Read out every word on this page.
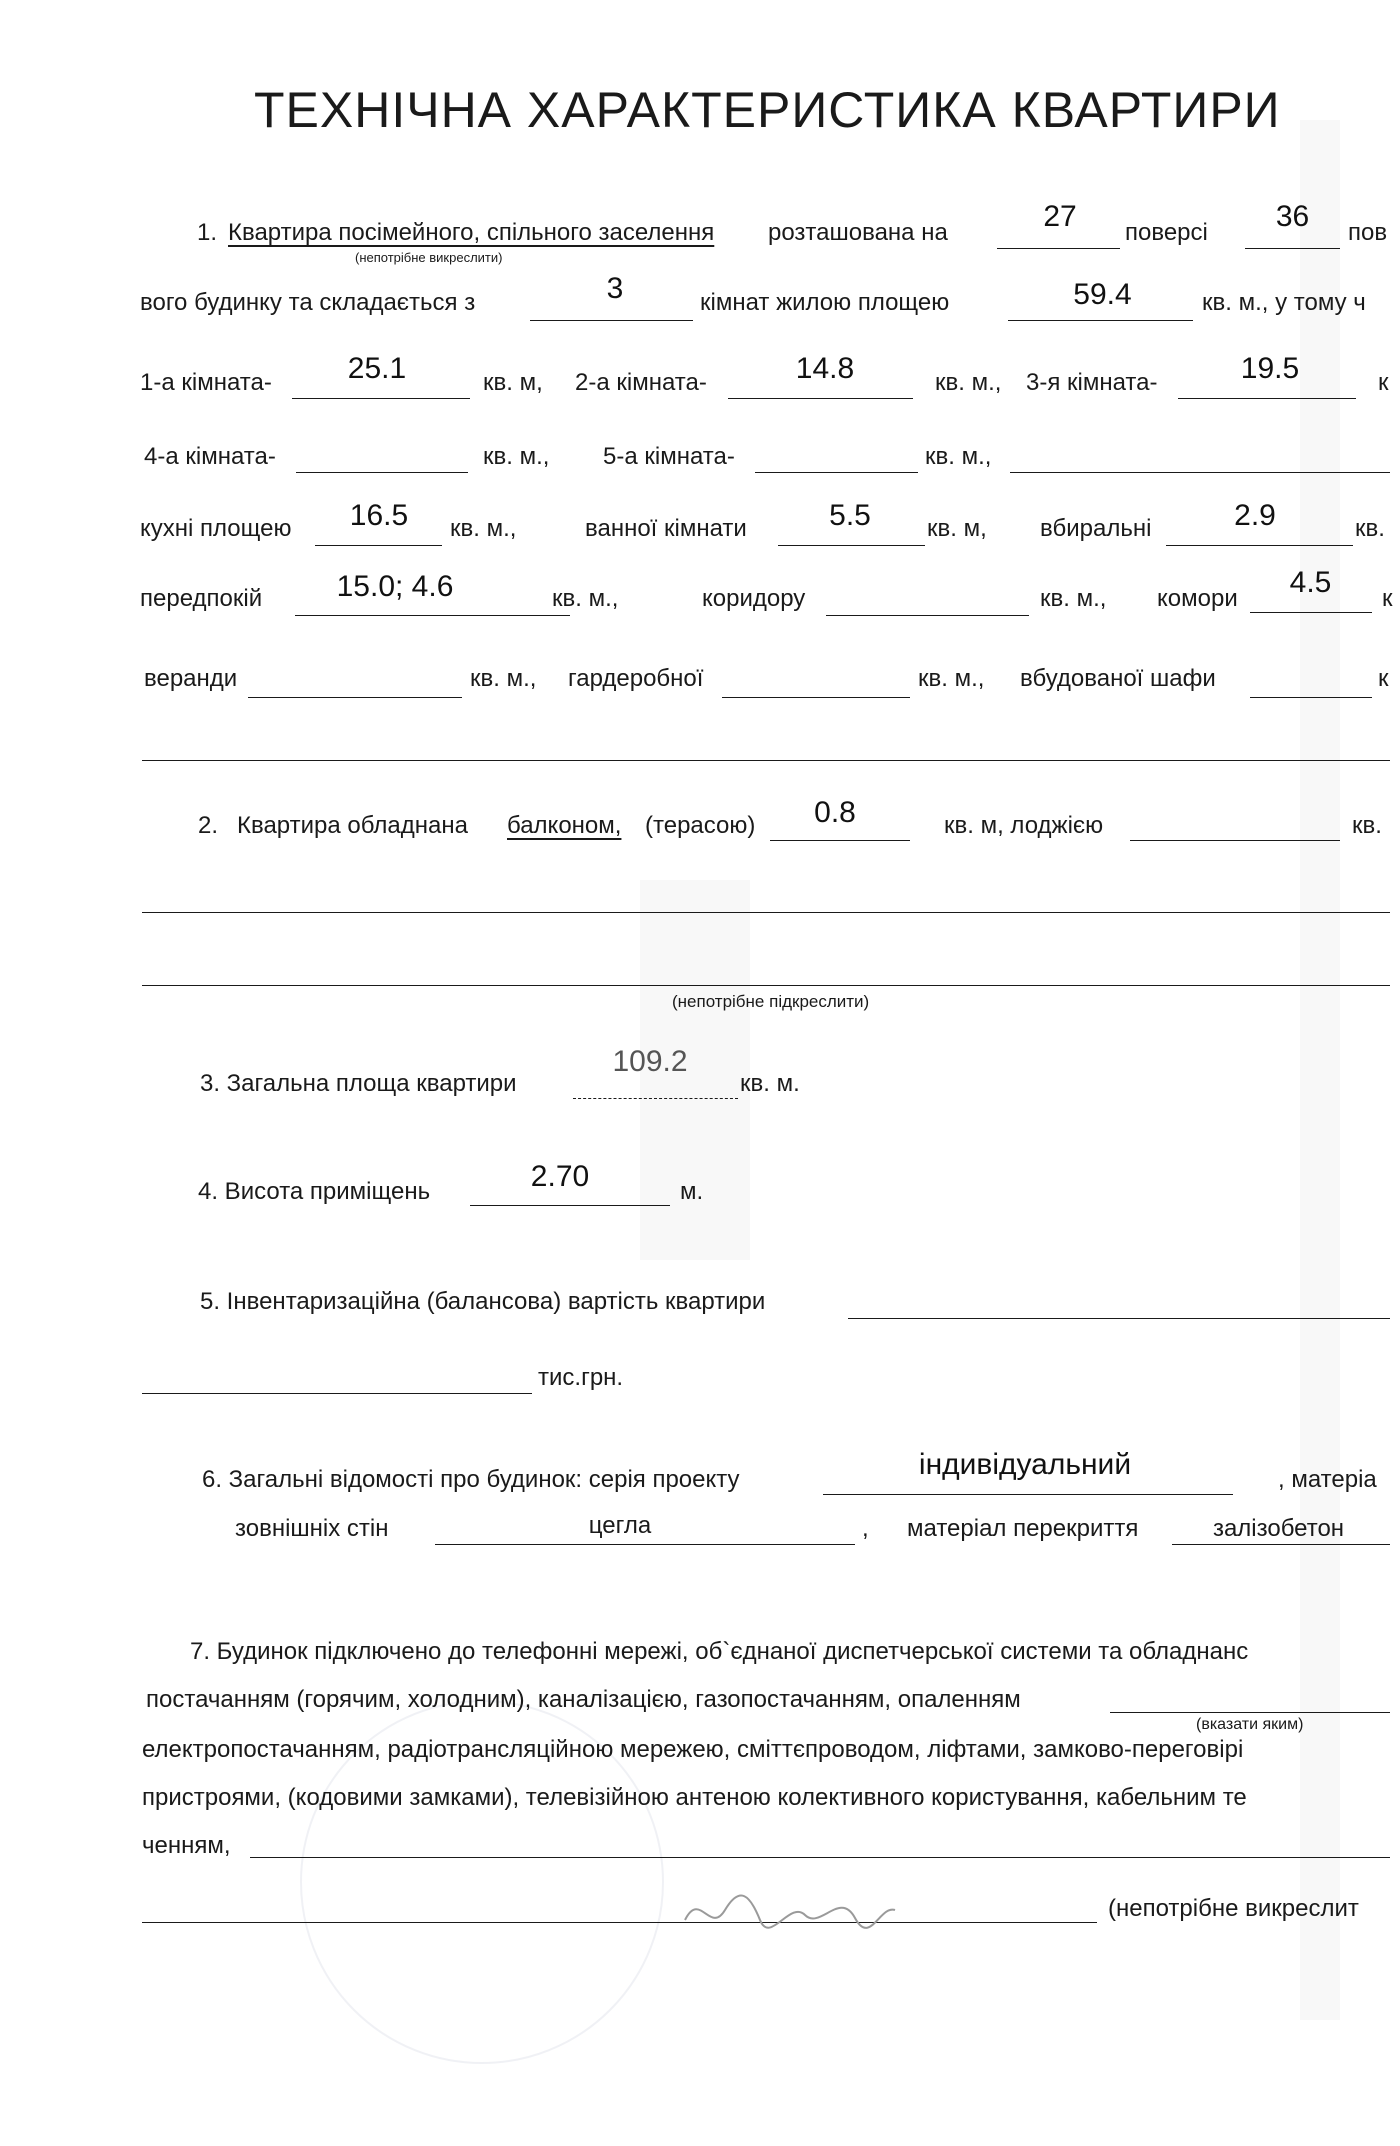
ТЕХНІЧНА ХАРАКТЕРИСТИКА КВАРТИРИ
1. Квартира посімейного, спільного заселення розташована на	27	поверсі	36	пов
(непотрібне викреслити)
вого будинку та складається з	3	кімнат жилою площею	59.4	кв. м., у тому ч
1-а кімната-	25.1	кв. м, 2-а кімната-	14.8	кв. м., 3-я кімната-	19.5	к
4-а кімната-	кв. м., 5-а кімната-	кв. м.,
кухні площею	16.5	кв. м.,	ванної кімнати	5.5	кв. м, вбиральні	2.9	кв.
передпокій	15.0; 4.6	кв. м.,	коридору	кв. м., комори	4.5	к
веранди	кв. м., гардеробної	кв. м., вбудованої шафи	к
2. Квартира обладнана балконом, (терасою)	0.8	кв. м, лоджією	кв.
(непотрібне підкреслити)
3. Загальна площа квартири
109.2
кв. м.
4. Висота приміщень	2.70	м.
5. Інвентаризаційна (балансова) вартість квартири
тис.грн.
6. Загальні відомості про будинок: серія проекту	індивідуальний	, матеріа
зовнішніх стін	цегла	, матеріал перекриття	залізобетон
7. Будинок підключено до телефонні мережі, об`єднаної диспетчерської системи та обладнанс
постачанням (горячим, холодним), каналізацією, газопостачанням, опаленням
(вказати яким)
електропостачанням, радіотрансляційною мережею, сміттєпроводом, ліфтами, замково-переговірі
пристроями, (кодовими замками), телевізійною антеною колективного користування, кабельним те
ченням,
(непотрібне викреслит
